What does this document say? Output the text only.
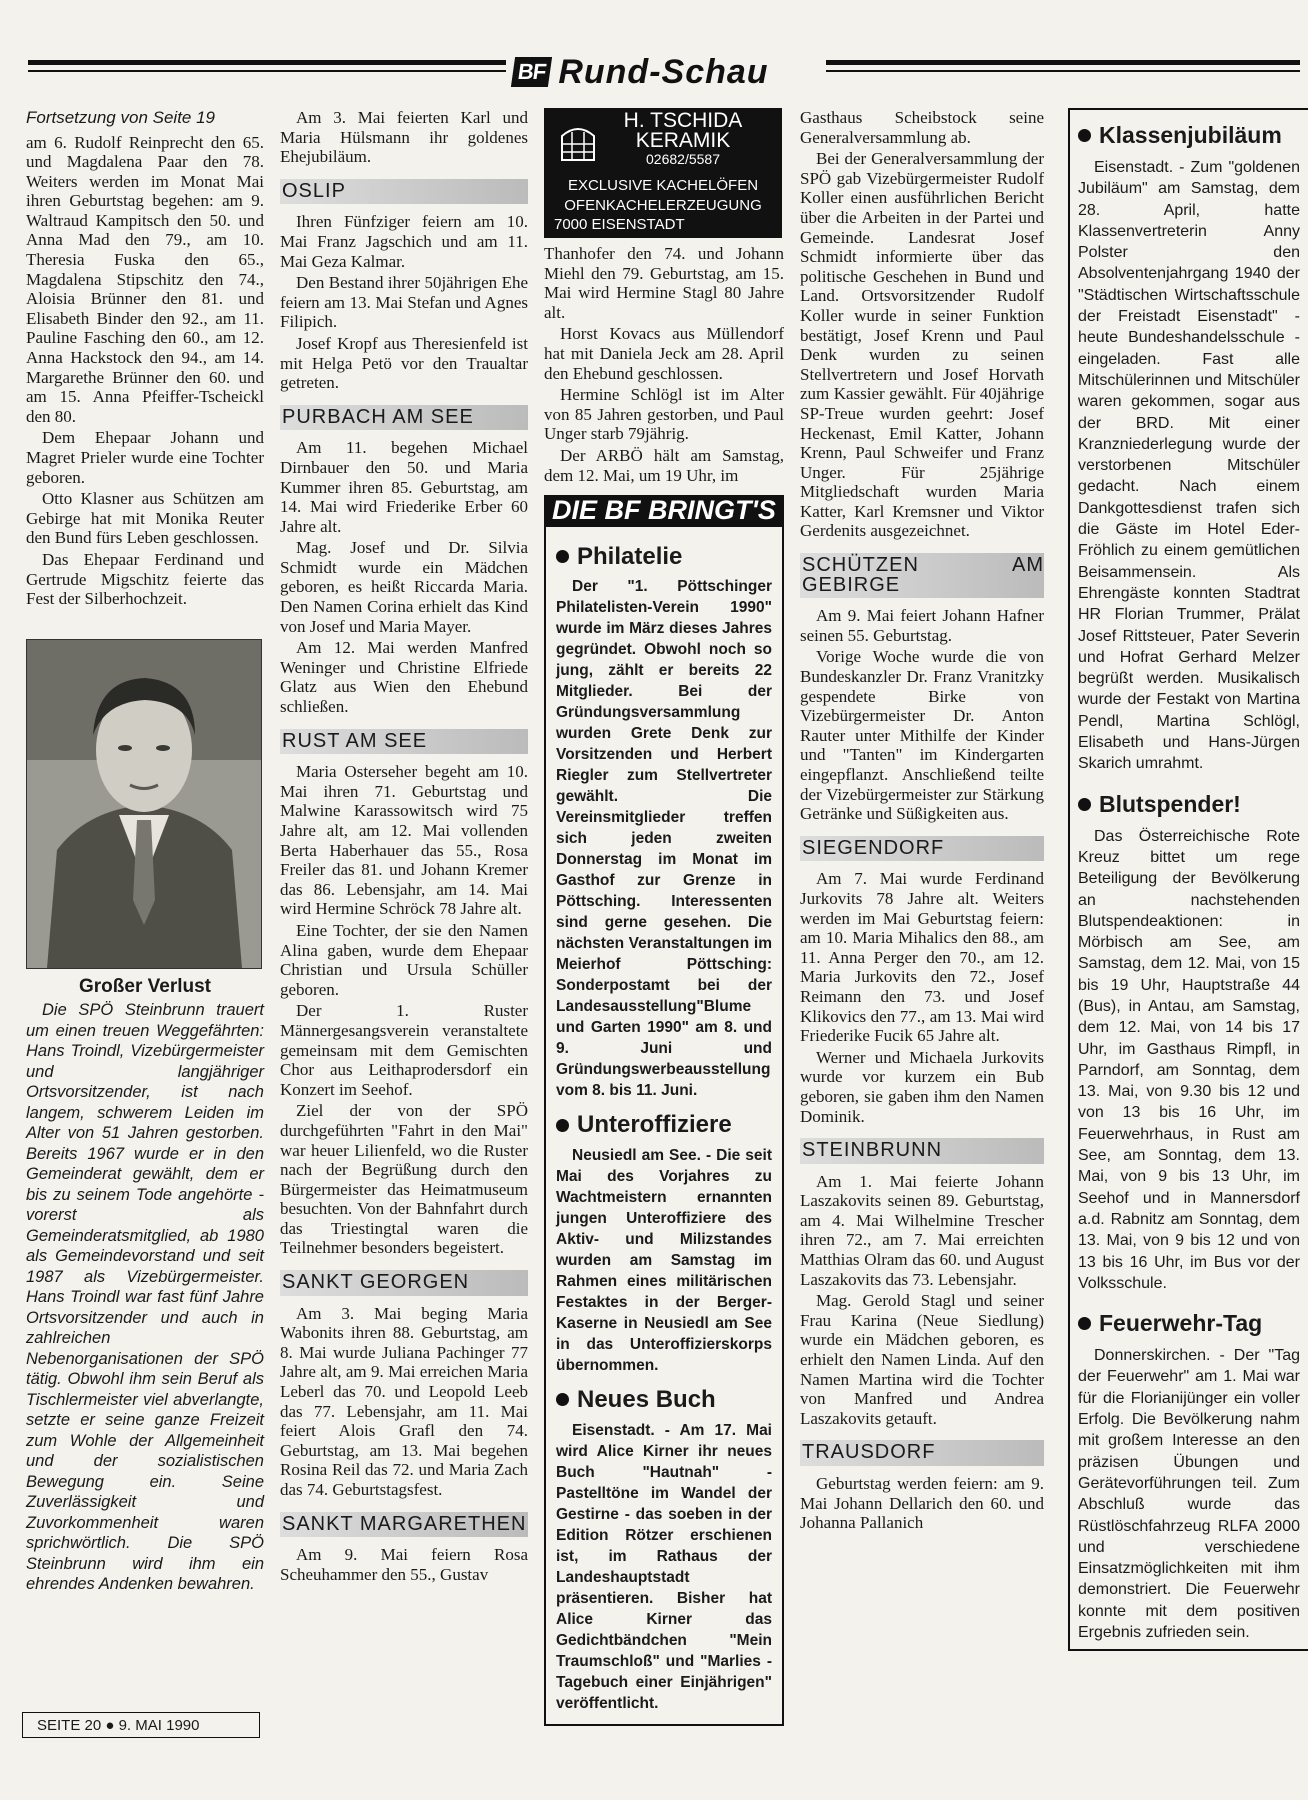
BF Rund-Schau

Fortsetzung von Seite 19

am 6. Rudolf Reinprecht den 65. und Magdalena Paar den 78. Weiters werden im Monat Mai ihren Geburtstag begehen: am 9. Waltraud Kampitsch den 50. und Anna Mad den 79., am 10. Theresia Fuska den 65., Magdalena Stipschitz den 74., Aloisia Brünner den 81. und Elisabeth Binder den 92., am 11. Pauline Fasching den 60., am 12. Anna Hackstock den 94., am 14. Margarethe Brünner den 60. und am 15. Anna Pfeiffer-Tscheickl den 80.

Dem Ehepaar Johann und Magret Prieler wurde eine Tochter geboren.

Otto Klasner aus Schützen am Gebirge hat mit Monika Reuter den Bund fürs Leben geschlossen.

Das Ehepaar Ferdinand und Gertrude Migschitz feierte das Fest der Silberhochzeit.

Großer Verlust

Die SPÖ Steinbrunn trauert um einen treuen Weggefährten: Hans Troindl, Vizebürgermeister und langjähriger Ortsvorsitzender, ist nach langem, schwerem Leiden im Alter von 51 Jahren gestorben. Bereits 1967 wurde er in den Gemeinderat gewählt, dem er bis zu seinem Tode angehörte - vorerst als Gemeinderatsmitglied, ab 1980 als Gemeindevorstand und seit 1987 als Vizebürgermeister. Hans Troindl war fast fünf Jahre Ortsvorsitzender und auch in zahlreichen Nebenorganisationen der SPÖ tätig. Obwohl ihm sein Beruf als Tischlermeister viel abverlangte, setzte er seine ganze Freizeit zum Wohle der Allgemeinheit und der sozialistischen Bewegung ein. Seine Zuverlässigkeit und Zuvorkommenheit waren sprichwörtlich. Die SPÖ Steinbrunn wird ihm ein ehrendes Andenken bewahren.

SEITE 20 ● 9. MAI 1990

Am 3. Mai feierten Karl und Maria Hülsmann ihr goldenes Ehejubiläum.

OSLIP

Ihren Fünfziger feiern am 10. Mai Franz Jagschich und am 11. Mai Geza Kalmar.

Den Bestand ihrer 50jährigen Ehe feiern am 13. Mai Stefan und Agnes Filipich.

Josef Kropf aus Theresienfeld ist mit Helga Petö vor den Traualtar getreten.

PURBACH AM SEE

Am 11. begehen Michael Dirnbauer den 50. und Maria Kummer ihren 85. Geburtstag, am 14. Mai wird Friederike Erber 60 Jahre alt.

Mag. Josef und Dr. Silvia Schmidt wurde ein Mädchen geboren, es heißt Riccarda Maria. Den Namen Corina erhielt das Kind von Josef und Maria Mayer.

Am 12. Mai werden Manfred Weninger und Christine Elfriede Glatz aus Wien den Ehebund schließen.

RUST AM SEE

Maria Osterseher begeht am 10. Mai ihren 71. Geburtstag und Malwine Karassowitsch wird 75 Jahre alt, am 12. Mai vollenden Berta Haberhauer das 55., Rosa Freiler das 81. und Johann Kremer das 86. Lebensjahr, am 14. Mai wird Hermine Schröck 78 Jahre alt.

Eine Tochter, der sie den Namen Alina gaben, wurde dem Ehepaar Christian und Ursula Schüller geboren.

Der 1. Ruster Männergesangsverein veranstaltete gemeinsam mit dem Gemischten Chor aus Leithaprodersdorf ein Konzert im Seehof.

Ziel der von der SPÖ durchgeführten "Fahrt in den Mai" war heuer Lilienfeld, wo die Ruster nach der Begrüßung durch den Bürgermeister das Heimatmuseum besuchten. Von der Bahnfahrt durch das Triestingtal waren die Teilnehmer besonders begeistert.

SANKT GEORGEN

Am 3. Mai beging Maria Wabonits ihren 88. Geburtstag, am 8. Mai wurde Juliana Pachinger 77 Jahre alt, am 9. Mai erreichen Maria Leberl das 70. und Leopold Leeb das 77. Lebensjahr, am 11. Mai feiert Alois Grafl den 74. Geburtstag, am 13. Mai begehen Rosina Reil das 72. und Maria Zach das 74. Geburtstagsfest.

SANKT MARGARETHEN

Am 9. Mai feiern Rosa Scheuhammer den 55., Gustav

H. TSCHIDA
KERAMIK
02682/5587
EXCLUSIVE KACHELÖFEN
OFENKACHELERZEUGUNG
7000 EISENSTADT

Thanhofer den 74. und Johann Miehl den 79. Geburtstag, am 15. Mai wird Hermine Stagl 80 Jahre alt.

Horst Kovacs aus Müllendorf hat mit Daniela Jeck am 28. April den Ehebund geschlossen.

Hermine Schlögl ist im Alter von 85 Jahren gestorben, und Paul Unger starb 79jährig.

Der ARBÖ hält am Samstag, dem 12. Mai, um 19 Uhr, im

DIE BF BRINGT'S
Philatelie

Der "1. Pöttschinger Philatelisten-Verein 1990" wurde im März dieses Jahres gegründet. Obwohl noch so jung, zählt er bereits 22 Mitglieder. Bei der Gründungsversammlung wurden Grete Denk zur Vorsitzenden und Herbert Riegler zum Stellvertreter gewählt. Die Vereinsmitglieder treffen sich jeden zweiten Donnerstag im Monat im Gasthof zur Grenze in Pöttsching. Interessenten sind gerne gesehen. Die nächsten Veranstaltungen im Meierhof Pöttsching: Sonderpostamt bei der Landesausstellung"Blume und Garten 1990" am 8. und 9. Juni und Gründungswerbeausstellung vom 8. bis 11. Juni.

Unteroffiziere

Neusiedl am See. - Die seit Mai des Vorjahres zu Wachtmeistern ernannten jungen Unteroffiziere des Aktiv- und Milizstandes wurden am Samstag im Rahmen eines militärischen Festaktes in der Berger-Kaserne in Neusiedl am See in das Unteroffizierskorps übernommen.

Neues Buch

Eisenstadt. - Am 17. Mai wird Alice Kirner ihr neues Buch "Hautnah" - Pastelltöne im Wandel der Gestirne - das soeben in der Edition Rötzer erschienen ist, im Rathaus der Landeshauptstadt präsentieren. Bisher hat Alice Kirner das Gedichtbändchen "Mein Traumschloß" und "Marlies - Tagebuch einer Einjährigen" veröffentlicht.

Gasthaus Scheibstock seine Generalversammlung ab.

Bei der Generalversammlung der SPÖ gab Vizebürgermeister Rudolf Koller einen ausführlichen Bericht über die Arbeiten in der Partei und Gemeinde. Landesrat Josef Schmidt informierte über das politische Geschehen in Bund und Land. Ortsvorsitzender Rudolf Koller wurde in seiner Funktion bestätigt, Josef Krenn und Paul Denk wurden zu seinen Stellvertretern und Josef Horvath zum Kassier gewählt. Für 40jährige SP-Treue wurden geehrt: Josef Heckenast, Emil Katter, Johann Krenn, Paul Schweifer und Franz Unger. Für 25jährige Mitgliedschaft wurden Maria Katter, Karl Kremsner und Viktor Gerdenits ausgezeichnet.

SCHÜTZEN AM GEBIRGE

Am 9. Mai feiert Johann Hafner seinen 55. Geburtstag.

Vorige Woche wurde die von Bundeskanzler Dr. Franz Vranitzky gespendete Birke von Vizebürgermeister Dr. Anton Rauter unter Mithilfe der Kinder und "Tanten" im Kindergarten eingepflanzt. Anschließend teilte der Vizebürgermeister zur Stärkung Getränke und Süßigkeiten aus.

SIEGENDORF

Am 7. Mai wurde Ferdinand Jurkovits 78 Jahre alt. Weiters werden im Mai Geburtstag feiern: am 10. Maria Mihalics den 88., am 11. Anna Perger den 70., am 12. Maria Jurkovits den 72., Josef Reimann den 73. und Josef Klikovics den 77., am 13. Mai wird Friederike Fucik 65 Jahre alt.

Werner und Michaela Jurkovits wurde vor kurzem ein Bub geboren, sie gaben ihm den Namen Dominik.

STEINBRUNN

Am 1. Mai feierte Johann Laszakovits seinen 89. Geburtstag, am 4. Mai Wilhelmine Trescher ihren 72., am 7. Mai erreichten Matthias Olram das 60. und August Laszakovits das 73. Lebensjahr.

Mag. Gerold Stagl und seiner Frau Karina (Neue Siedlung) wurde ein Mädchen geboren, es erhielt den Namen Linda. Auf den Namen Martina wird die Tochter von Manfred und Andrea Laszakovits getauft.

TRAUSDORF

Geburtstag werden feiern: am 9. Mai Johann Dellarich den 60. und Johanna Pallanich

Klassenjubiläum

Eisenstadt. - Zum "goldenen Jubiläum" am Samstag, dem 28. April, hatte Klassenvertreterin Anny Polster den Absolventenjahrgang 1940 der "Städtischen Wirtschaftsschule der Freistadt Eisenstadt" - heute Bundeshandelsschule - eingeladen. Fast alle Mitschülerinnen und Mitschüler waren gekommen, sogar aus der BRD. Mit einer Kranzniederlegung wurde der verstorbenen Mitschüler gedacht. Nach einem Dankgottesdienst trafen sich die Gäste im Hotel Eder-Fröhlich zu einem gemütlichen Beisammensein. Als Ehrengäste konnten Stadtrat HR Florian Trummer, Prälat Josef Rittsteuer, Pater Severin und Hofrat Gerhard Melzer begrüßt werden. Musikalisch wurde der Festakt von Martina Pendl, Martina Schlögl, Elisabeth und Hans-Jürgen Skarich umrahmt.

Blutspender!

Das Österreichische Rote Kreuz bittet um rege Beteiligung der Bevölkerung an nachstehenden Blutspendeaktionen: in Mörbisch am See, am Samstag, dem 12. Mai, von 15 bis 19 Uhr, Hauptstraße 44 (Bus), in Antau, am Samstag, dem 12. Mai, von 14 bis 17 Uhr, im Gasthaus Rimpfl, in Parndorf, am Sonntag, dem 13. Mai, von 9.30 bis 12 und von 13 bis 16 Uhr, im Feuerwehrhaus, in Rust am See, am Sonntag, dem 13. Mai, von 9 bis 13 Uhr, im Seehof und in Mannersdorf a.d. Rabnitz am Sonntag, dem 13. Mai, von 9 bis 12 und von 13 bis 16 Uhr, im Bus vor der Volksschule.

Feuerwehr-Tag

Donnerskirchen. - Der "Tag der Feuerwehr" am 1. Mai war für die Florianijünger ein voller Erfolg. Die Bevölkerung nahm mit großem Interesse an den präzisen Übungen und Gerätevorführungen teil. Zum Abschluß wurde das Rüstlöschfahrzeug RLFA 2000 und verschiedene Einsatzmöglichkeiten mit ihm demonstriert. Die Feuerwehr konnte mit dem positiven Ergebnis zufrieden sein.
